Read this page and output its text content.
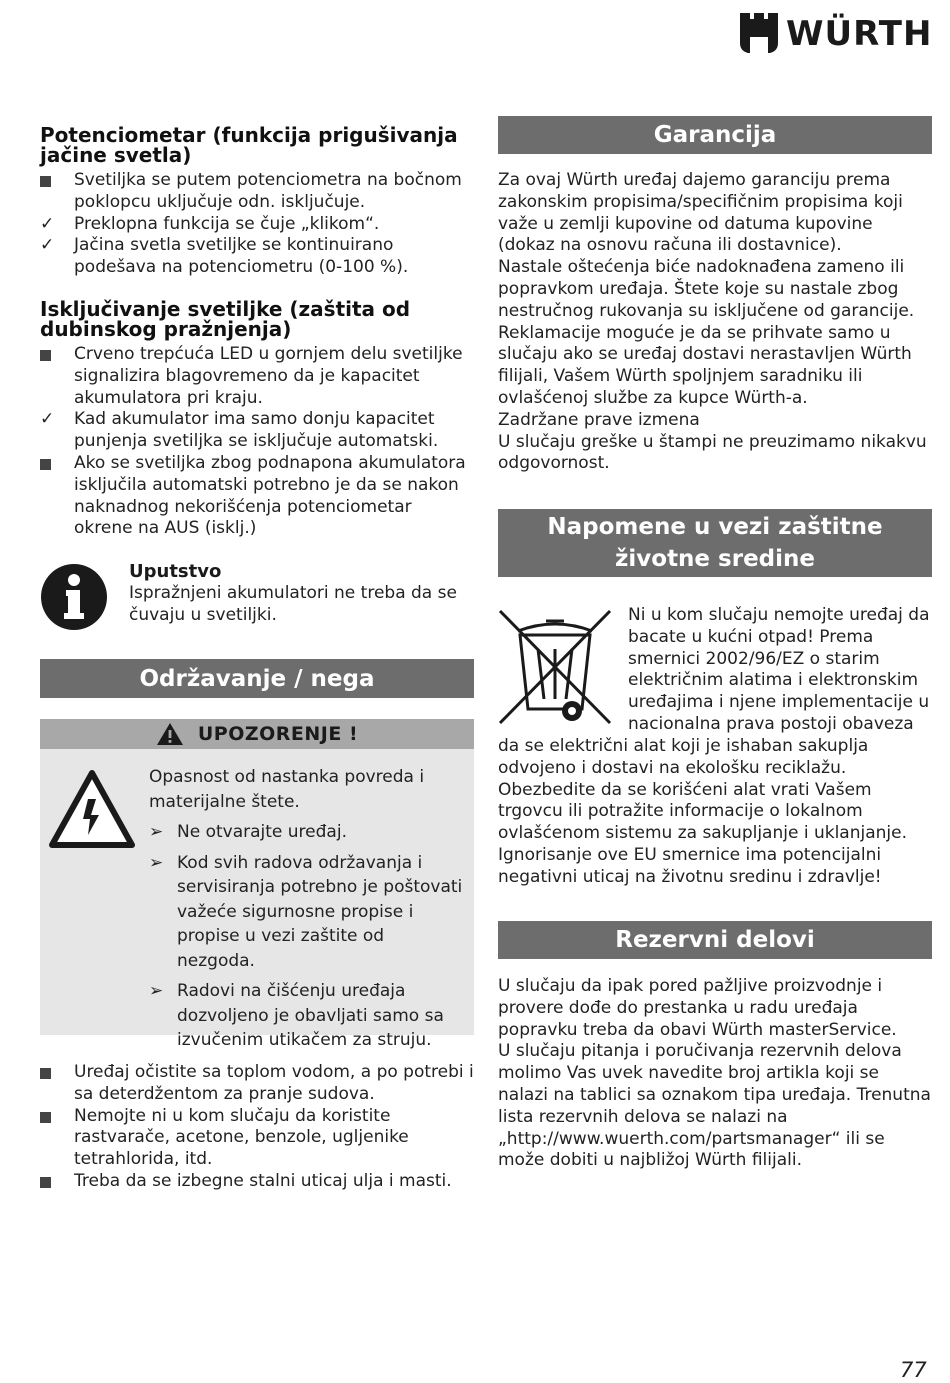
WÜRTH
Potenciometar (funkcija prigušivanja jačine svetla)
Svetiljka se putem potenciometra na bočnom poklopcu uključuje odn. isključuje.
✓ Preklopna funkcija se čuje „klikom“.
✓ Jačina svetla svetiljke se kontinuirano podešava na potenciometru (0-100 %).
Isključivanje svetiljke (zaštita od dubinskog pražnjenja)
Crveno trepćuća LED u gornjem delu svetiljke signalizira blagovremeno da je kapacitet akumulatora pri kraju.
✓ Kad akumulator ima samo donju kapacitet punjenja svetiljka se isključuje automatski.
Ako se svetiljka zbog podnapona akumulatora isključila automatski potrebno je da se nakon naknadnog nekorišćenja potenciometar okrene na AUS (isklj.)
Uputstvo
Ispražnjeni akumulatori ne treba da se čuvaju u svetiljki.
Održavanje / nega
UPOZORENJE !
Opasnost od nastanka povreda i materijalne štete.
➢ Ne otvarajte uređaj.
➢ Kod svih radova održavanja i servisiranja potrebno je poštovati važeće sigurnosne propise i propise u vezi zaštite od nezgoda.
➢ Radovi na čišćenju uređaja dozvoljeno je obavljati samo sa izvučenim utikačem za struju.
Uređaj očistite sa toplom vodom, a po potrebi i sa deterdžentom za pranje sudova.
Nemojte ni u kom slučaju da koristite rastvarače, acetone, benzole, ugljenike tetrahlorida, itd.
Treba da se izbegne stalni uticaj ulja i masti.
Garancija
Za ovaj Würth uređaj dajemo garanciju prema zakonskim propisima/specifičnim propisima koji važe u zemlji kupovine od datuma kupovine (dokaz na osnovu računa ili dostavnice).
Nastale oštećenja biće nadoknađena zameno ili popravkom uređaja. Štete koje su nastale zbog nestručnog rukovanja su isključene od garancije.
Reklamacije moguće je da se prihvate samo u slučaju ako se uređaj dostavi nerastavljen Würth filijali, Vašem Würth spoljnjem saradniku ili ovlašćenoj službe za kupce Würth-a.
Zadržane prave izmena
U slučaju greške u štampi ne preuzimamo nikakvu odgovornost.
Napomene u vezi zaštitne životne sredine
Ni u kom slučaju nemojte uređaj da bacate u kućni otpad! Prema smernici 2002/96/EZ o starim električnim alatima i elektronskim uređajima i njene implementacije u nacionalna prava postoji obaveza
da se električni alat koji je ishaban sakuplja odvojeno i dostavi na ekološku reciklažu. Obezbedite da se korišćeni alat vrati Vašem trgovcu ili potražite informacije o lokalnom ovlašćenom sistemu za sakupljanje i uklanjanje. Ignorisanje ove EU smernice ima potencijalni negativni uticaj na životnu sredinu i zdravlje!
Rezervni delovi
U slučaju da ipak pored pažljive proizvodnje i provere dođe do prestanka u radu uređaja popravku treba da obavi Würth masterService.
U slučaju pitanja i poručivanja rezervnih delova molimo Vas uvek navedite broj artikla koji se nalazi na tablici sa oznakom tipa uređaja. Trenutna lista rezervnih delova se nalazi na „http://www.wuerth.com/partsmanager“ ili se može dobiti u najbližoj Würth filijali.
77
